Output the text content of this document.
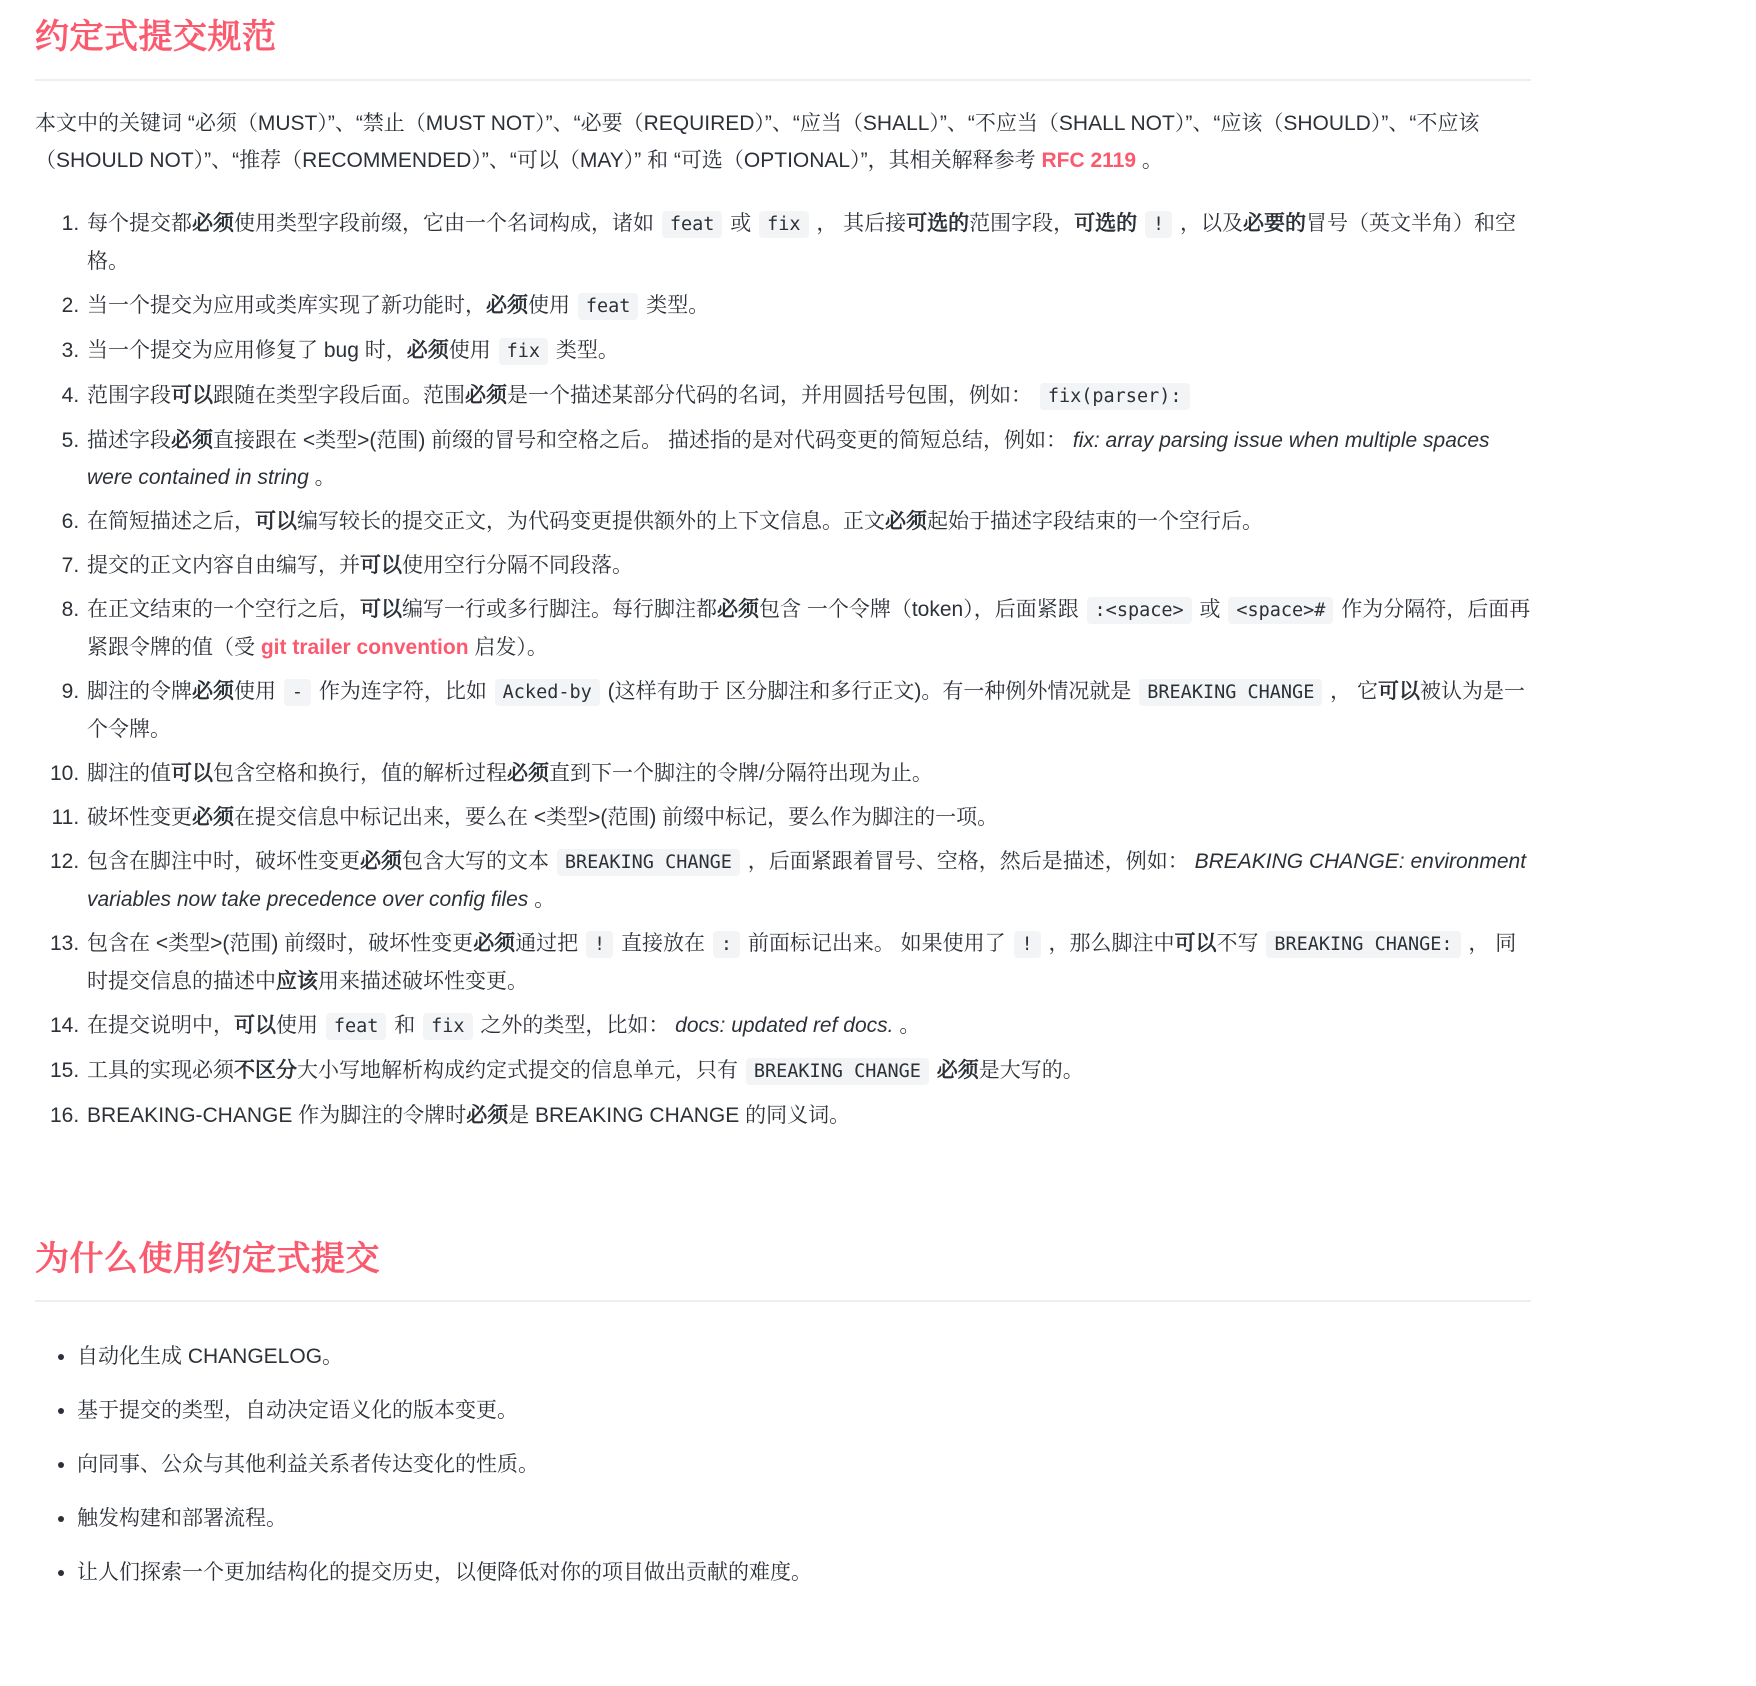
约定式提交规范

本文中的关键词 “必须（MUST）”、“禁止（MUST NOT）”、“必要（REQUIRED）”、“应当（SHALL）”、“不应当（SHALL NOT）”、“应该（SHOULD）”、“不应该（SHOULD NOT）”、“推荐（RECOMMENDED）”、“可以（MAY）” 和 “可选（OPTIONAL）”，其相关解释参考 RFC 2119 。

1. 每个提交都必须使用类型字段前缀，它由一个名词构成，诸如 feat 或 fix ， 其后接可选的范围字段，可选的 ! ，以及必要的冒号（英文半角）和空格。
2. 当一个提交为应用或类库实现了新功能时，必须使用 feat 类型。
3. 当一个提交为应用修复了 bug 时，必须使用 fix 类型。
4. 范围字段可以跟随在类型字段后面。范围必须是一个描述某部分代码的名词，并用圆括号包围，例如： fix(parser):
5. 描述字段必须直接跟在 <类型>(范围) 前缀的冒号和空格之后。 描述指的是对代码变更的简短总结，例如： fix: array parsing issue when multiple spaces were contained in string 。
6. 在简短描述之后，可以编写较长的提交正文，为代码变更提供额外的上下文信息。正文必须起始于描述字段结束的一个空行后。
7. 提交的正文内容自由编写，并可以使用空行分隔不同段落。
8. 在正文结束的一个空行之后，可以编写一行或多行脚注。每行脚注都必须包含 一个令牌（token），后面紧跟 :<space> 或 <space># 作为分隔符，后面再紧跟令牌的值（受 git trailer convention 启发）。
9. 脚注的令牌必须使用 - 作为连字符，比如 Acked-by (这样有助于 区分脚注和多行正文)。有一种例外情况就是 BREAKING CHANGE ， 它可以被认为是一个令牌。
10. 脚注的值可以包含空格和换行，值的解析过程必须直到下一个脚注的令牌/分隔符出现为止。
11. 破坏性变更必须在提交信息中标记出来，要么在 <类型>(范围) 前缀中标记，要么作为脚注的一项。
12. 包含在脚注中时，破坏性变更必须包含大写的文本 BREAKING CHANGE ，后面紧跟着冒号、空格，然后是描述，例如： BREAKING CHANGE: environment variables now take precedence over config files 。
13. 包含在 <类型>(范围) 前缀时，破坏性变更必须通过把 ! 直接放在 : 前面标记出来。 如果使用了 ! ，那么脚注中可以不写 BREAKING CHANGE: ， 同时提交信息的描述中应该用来描述破坏性变更。
14. 在提交说明中，可以使用 feat 和 fix 之外的类型，比如： docs: updated ref docs. 。
15. 工具的实现必须不区分大小写地解析构成约定式提交的信息单元，只有 BREAKING CHANGE 必须是大写的。
16. BREAKING-CHANGE 作为脚注的令牌时必须是 BREAKING CHANGE 的同义词。
为什么使用约定式提交
• 自动化生成 CHANGELOG。
• 基于提交的类型，自动决定语义化的版本变更。
• 向同事、公众与其他利益关系者传达变化的性质。
• 触发构建和部署流程。
• 让人们探索一个更加结构化的提交历史，以便降低对你的项目做出贡献的难度。
